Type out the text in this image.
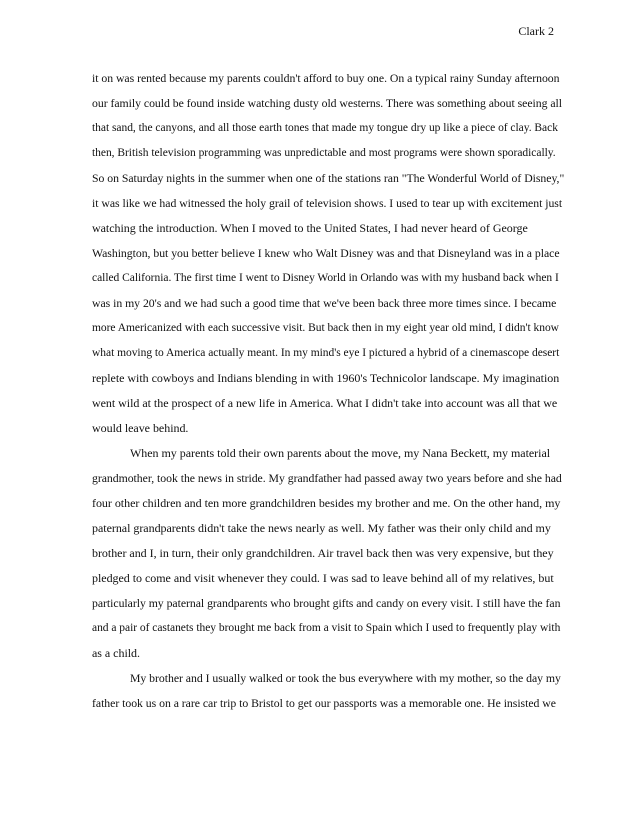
Clark 2
it on was rented because my parents couldn't afford to buy one. On a typical rainy Sunday afternoon
our family could be found inside watching dusty old westerns. There was something about seeing all
that sand, the canyons, and all those earth tones that made my tongue dry up like a piece of clay. Back
then, British television programming was unpredictable and most programs were shown sporadically.
So on Saturday nights in the summer when one of the stations ran "The Wonderful World of Disney,"
it was like we had witnessed the holy grail of television shows. I used to tear up with excitement just
watching the introduction. When I moved to the United States, I had never heard of George
Washington, but you better believe I knew who Walt Disney was and that Disneyland was in a place
called California. The first time I went to Disney World in Orlando was with my husband back when I
was in my 20's and we had such a good time that we've been back three more times since. I became
more Americanized with each successive visit. But back then in my eight year old mind, I didn't know
what moving to America actually meant. In my mind's eye I pictured a hybrid of a cinemascope desert
replete with cowboys and Indians blending in with 1960's Technicolor landscape. My imagination
went wild at the prospect of a new life in America. What I didn't take into account was all that we
would leave behind.
When my parents told their own parents about the move, my Nana Beckett, my material
grandmother, took the news in stride. My grandfather had passed away two years before and she had
four other children and ten more grandchildren besides my brother and me. On the other hand, my
paternal grandparents didn't take the news nearly as well. My father was their only child and my
brother and I, in turn, their only grandchildren. Air travel back then was very expensive, but they
pledged to come and visit whenever they could. I was sad to leave behind all of my relatives, but
particularly my paternal grandparents who brought gifts and candy on every visit. I still have the fan
and a pair of castanets they brought me back from a visit to Spain which I used to frequently play with
as a child.
My brother and I usually walked or took the bus everywhere with my mother, so the day my
father took us on a rare car trip to Bristol to get our passports was a memorable one. He insisted we
